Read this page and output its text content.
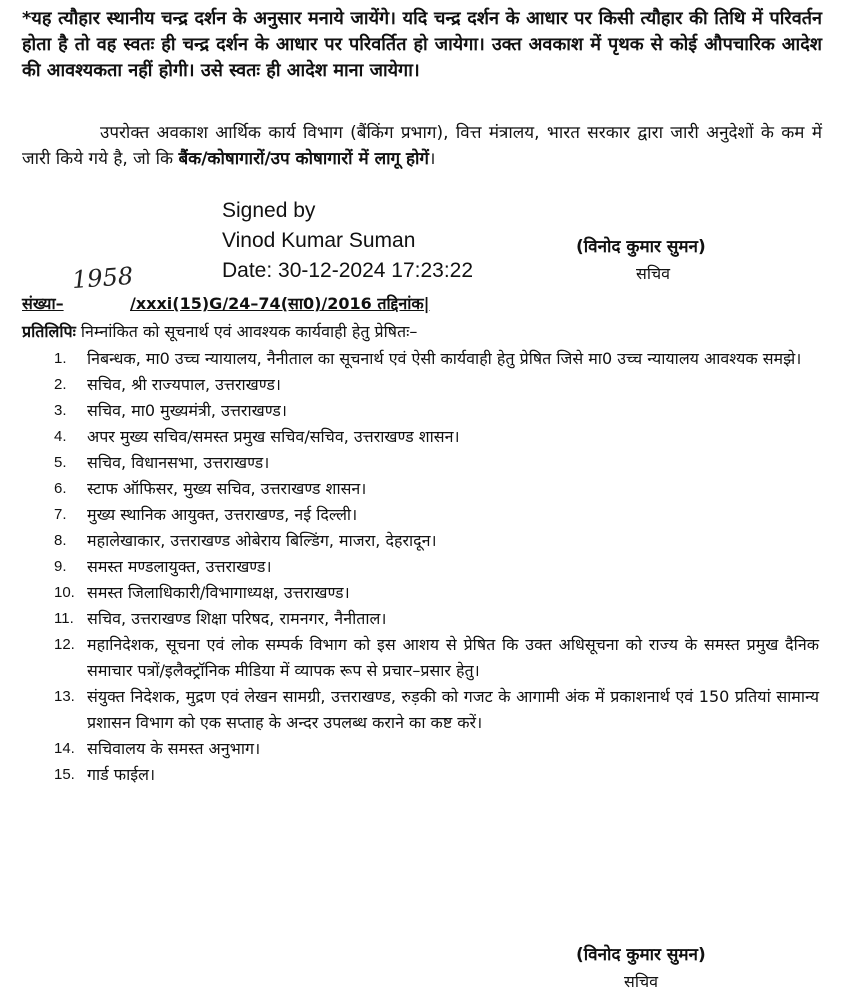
*यह त्यौहार स्थानीय चन्द्र दर्शन के अनुसार मनाये जायेंगे। यदि चन्द्र दर्शन के आधार पर किसी त्यौहार की तिथि में परिवर्तन होता है तो वह स्वतः ही चन्द्र दर्शन के आधार पर परिवर्तित हो जायेगा। उक्त अवकाश में पृथक से कोई औपचारिक आदेश की आवश्यकता नहीं होगी। उसे स्वतः ही आदेश माना जायेगा।
उपरोक्त अवकाश आर्थिक कार्य विभाग (बैंकिंग प्रभाग), वित्त मंत्रालय, भारत सरकार द्वारा जारी अनुदेशों के कम में जारी किये गये है, जो कि बैंक/कोषागारों/उप कोषागारों में लागू होगें।
Signed by
Vinod Kumar Suman
Date: 30-12-2024 17:23:22
(विनोद कुमार सुमन)
सचिव
1958
संख्या–	/xxxi(15)G/24–74(सा0)/2016 तद्दिनांक|
प्रतिलिपिः निम्नांकित को सूचनार्थ एवं आवश्यक कार्यवाही हेतु प्रेषितः–
1.	निबन्धक, मा0 उच्च न्यायालय, नैनीताल का सूचनार्थ एवं ऐसी कार्यवाही हेतु प्रेषित जिसे मा0 उच्च न्यायालय आवश्यक समझे।
2.	सचिव, श्री राज्यपाल, उत्तराखण्ड।
3.	सचिव, मा0 मुख्यमंत्री, उत्तराखण्ड।
4.	अपर मुख्य सचिव/समस्त प्रमुख सचिव/सचिव, उत्तराखण्ड शासन।
5.	सचिव, विधानसभा, उत्तराखण्ड।
6.	स्टाफ ऑफिसर, मुख्य सचिव, उत्तराखण्ड शासन।
7.	मुख्य स्थानिक आयुक्त, उत्तराखण्ड, नई दिल्ली।
8.	महालेखाकार, उत्तराखण्ड ओबेराय बिल्डिंग, माजरा, देहरादून।
9.	समस्त मण्डलायुक्त, उत्तराखण्ड।
10. समस्त जिलाधिकारी/विभागाध्यक्ष, उत्तराखण्ड।
11. सचिव, उत्तराखण्ड शिक्षा परिषद, रामनगर, नैनीताल।
12. महानिदेशक, सूचना एवं लोक सम्पर्क विभाग को इस आशय से प्रेषित कि उक्त अधिसूचना को राज्य के समस्त प्रमुख दैनिक समाचार पत्रों/इलैक्ट्रॉनिक मीडिया में व्यापक रूप से प्रचार–प्रसार हेतु।
13. संयुक्त निदेशक, मुद्रण एवं लेखन सामग्री, उत्तराखण्ड, रुड़की को गजट के आगामी अंक में प्रकाशनार्थ एवं 150 प्रतियां सामान्य प्रशासन विभाग को एक सप्ताह के अन्दर उपलब्ध कराने का कष्ट करें।
14. सचिवालय के समस्त अनुभाग।
15. गार्ड फाईल।
(विनोद कुमार सुमन)
सचिव
